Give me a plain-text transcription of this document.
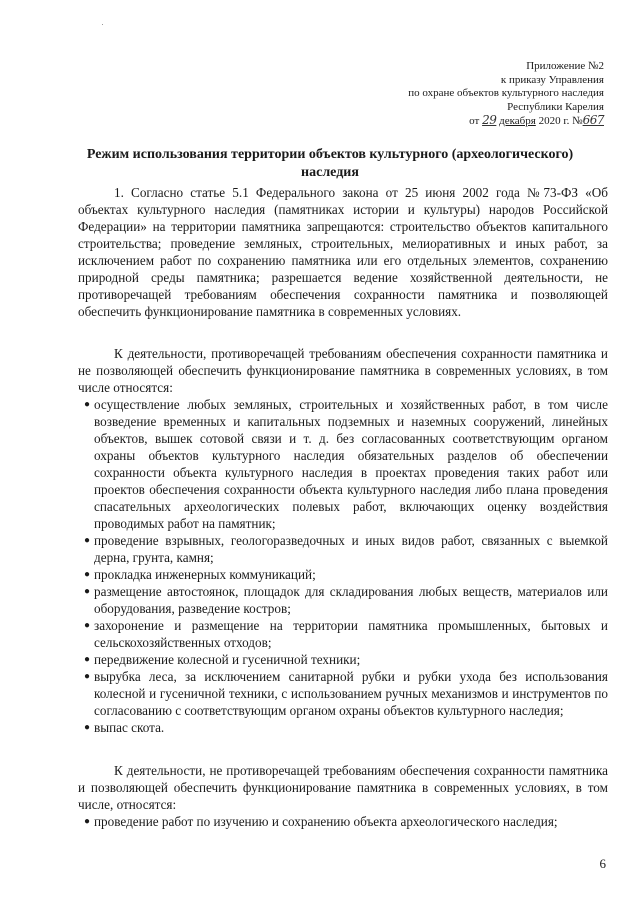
Приложение №2
к приказу Управления
по охране объектов культурного наследия
Республики Карелия
от 29 декабря 2020 г. №667
Режим использования территории объектов культурного (археологического) наследия

1. Согласно статье 5.1 Федерального закона от 25 июня 2002 года №73-ФЗ «Об объектах культурного наследия (памятниках истории и культуры) народов Российской Федерации» на территории памятника запрещаются: строительство объектов капитального строительства; проведение земляных, строительных, мелиоративных и иных работ, за исключением работ по сохранению памятника или его отдельных элементов, сохранению природной среды памятника; разрешается ведение хозяйственной деятельности, не противоречащей требованиям обеспечения сохранности памятника и позволяющей обеспечить функционирование памятника в современных условиях.

К деятельности, противоречащей требованиям обеспечения сохранности памятника и не позволяющей обеспечить функционирование памятника в современных условиях, в том числе относятся:

● осуществление любых земляных, строительных и хозяйственных работ, в том числе возведение временных и капитальных подземных и наземных сооружений, линейных объектов, вышек сотовой связи и т. д. без согласованных соответствующим органом охраны объектов культурного наследия обязательных разделов об обеспечении сохранности объекта культурного наследия в проектах проведения таких работ или проектов обеспечения сохранности объекта культурного наследия либо плана проведения спасательных археологических полевых работ, включающих оценку воздействия проводимых работ на памятник;
● проведение взрывных, геологоразведочных и иных видов работ, связанных с выемкой дерна, грунта, камня;
● прокладка инженерных коммуникаций;
● размещение автостоянок, площадок для складирования любых веществ, материалов или оборудования, разведение костров;
● захоронение и размещение на территории памятника промышленных, бытовых и сельскохозяйственных отходов;
● передвижение колесной и гусеничной техники;
● вырубка леса, за исключением санитарной рубки и рубки ухода без использования колесной и гусеничной техники, с использованием ручных механизмов и инструментов по согласованию с соответствующим органом охраны объектов культурного наследия;
● выпас скота.

К деятельности, не противоречащей требованиям обеспечения сохранности памятника и позволяющей обеспечить функционирование памятника в современных условиях, в том числе, относятся:

● проведение работ по изучению и сохранению объекта археологического наследия;
6
